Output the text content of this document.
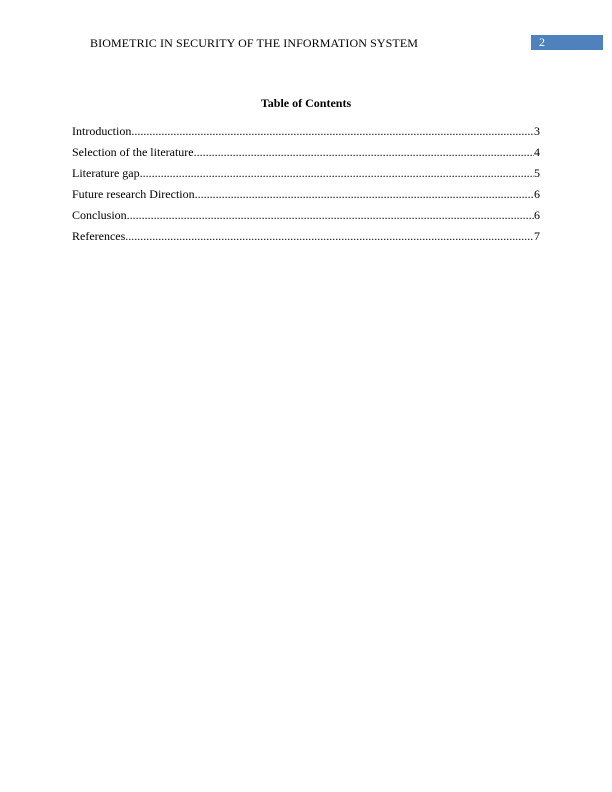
BIOMETRIC IN SECURITY OF THE INFORMATION SYSTEM	2
Table of Contents
Introduction .....	3
Selection of the literature .....	4
Literature gap .....	5
Future research Direction .....	6
Conclusion .....	6
References .....	7
